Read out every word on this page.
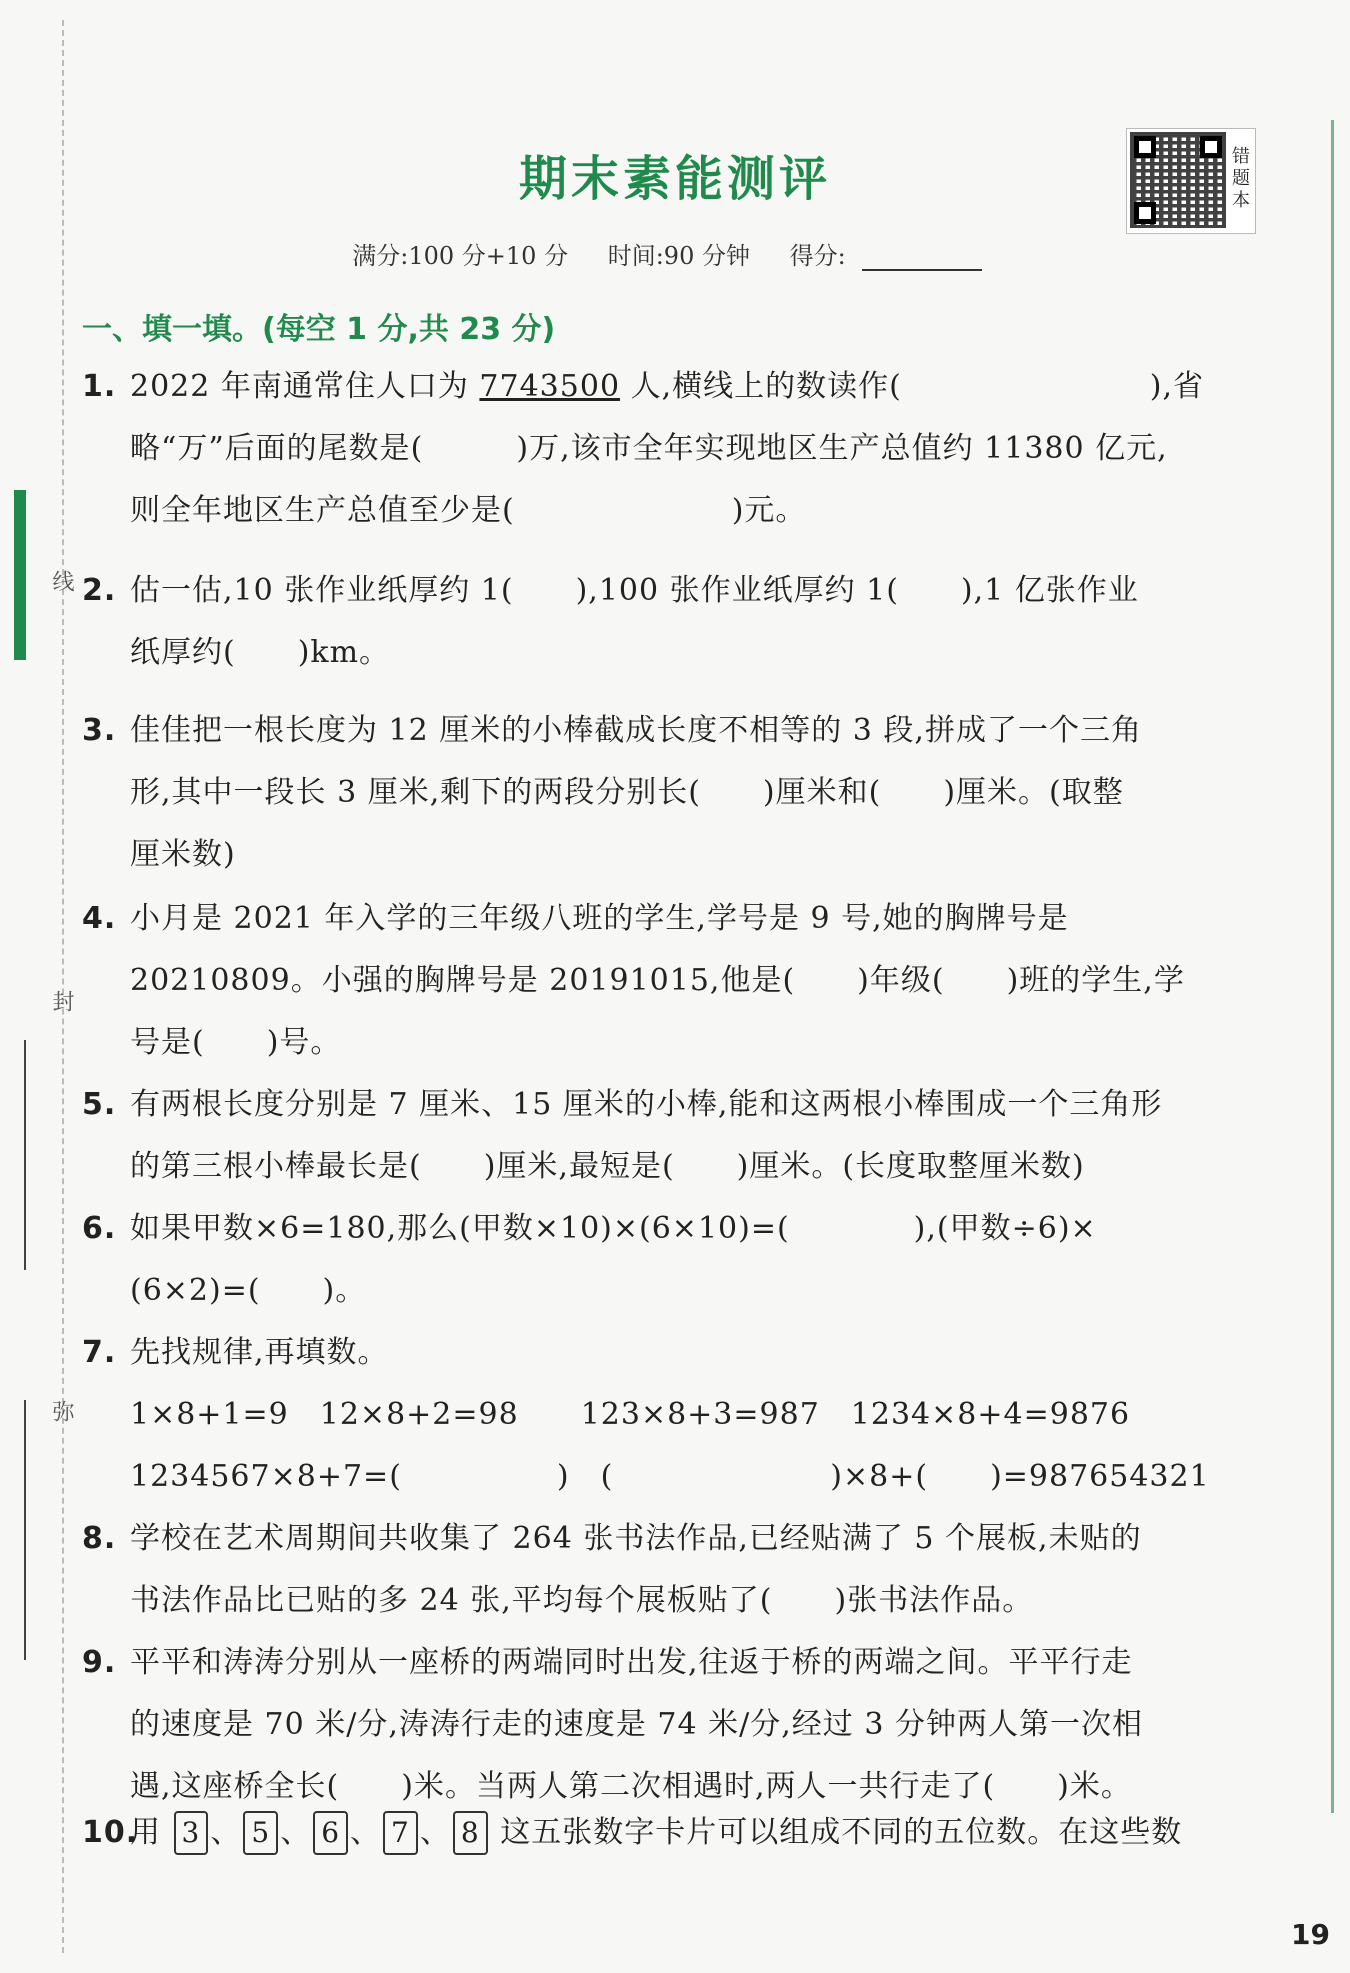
线
封
弥
期末素能测评	错题本
满分:100 分+10 分 时间:90 分钟 得分:
一、填一填。(每空 1 分,共 23 分)
1. 2022 年南通常住人口为 7743500 人,横线上的数读作(　　　　　　　　),省
略“万”后面的尾数是(　　　)万,该市全年实现地区生产总值约 11380 亿元,
则全年地区生产总值至少是(　　　　　　　)元。
2. 估一估,10 张作业纸厚约 1(　　),100 张作业纸厚约 1(　　),1 亿张作业
纸厚约(　　)km。
3. 佳佳把一根长度为 12 厘米的小棒截成长度不相等的 3 段,拼成了一个三角
形,其中一段长 3 厘米,剩下的两段分别长(　　)厘米和(　　)厘米。(取整
厘米数)
4. 小月是 2021 年入学的三年级八班的学生,学号是 9 号,她的胸牌号是
20210809。小强的胸牌号是 20191015,他是(　　)年级(　　)班的学生,学
号是(　　)号。
5. 有两根长度分别是 7 厘米、15 厘米的小棒,能和这两根小棒围成一个三角形
的第三根小棒最长是(　　)厘米,最短是(　　)厘米。(长度取整厘米数)
6. 如果甲数×6=180,那么(甲数×10)×(6×10)=(　　　　),(甲数÷6)×
(6×2)=(　　)。
7. 先找规律,再填数。
1×8+1=9　12×8+2=98　　123×8+3=987　1234×8+4=9876
1234567×8+7=(　　　　　)　(　　　　　　　)×8+(　　)=987654321
8. 学校在艺术周期间共收集了 264 张书法作品,已经贴满了 5 个展板,未贴的
书法作品比已贴的多 24 张,平均每个展板贴了(　　)张书法作品。
9. 平平和涛涛分别从一座桥的两端同时出发,往返于桥的两端之间。平平行走
的速度是 70 米/分,涛涛行走的速度是 74 米/分,经过 3 分钟两人第一次相
遇,这座桥全长(　　)米。当两人第二次相遇时,两人一共行走了(　　)米。
10.
用 3 、 5 、 6 、 7 、 8 这五张数字卡片可以组成不同的五位数。在这些数
19
